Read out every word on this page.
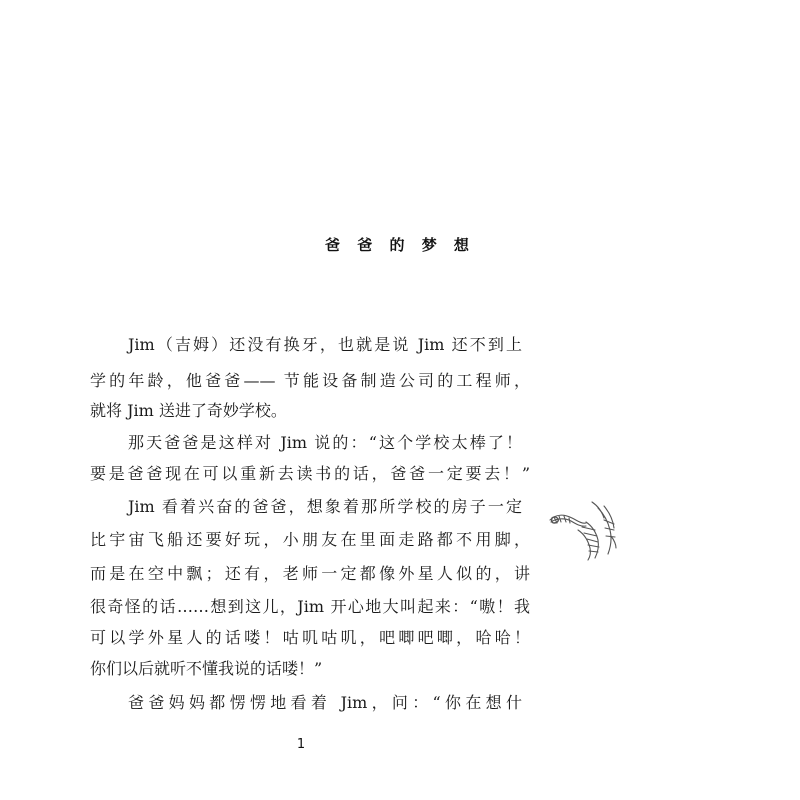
爸 爸 的 梦 想
Jim（吉姆）还没有换牙，也就是说 Jim 还不到上
学的年龄，他爸爸—— 节能设备制造公司的工程师，
就将 Jim 送进了奇妙学校。
那天爸爸是这样对 Jim 说的：“这个学校太棒了！
要是爸爸现在可以重新去读书的话，爸爸一定要去！”
Jim 看着兴奋的爸爸，想象着那所学校的房子一定
比宇宙飞船还要好玩，小朋友在里面走路都不用脚，
而是在空中飘；还有，老师一定都像外星人似的，讲
很奇怪的话……想到这儿，Jim 开心地大叫起来：“嗷！我
可以学外星人的话喽！咕叽咕叽，吧唧吧唧，哈哈！
你们以后就听不懂我说的话喽！”
爸爸妈妈都愣愣地看着 Jim，问：“你在想什
1
